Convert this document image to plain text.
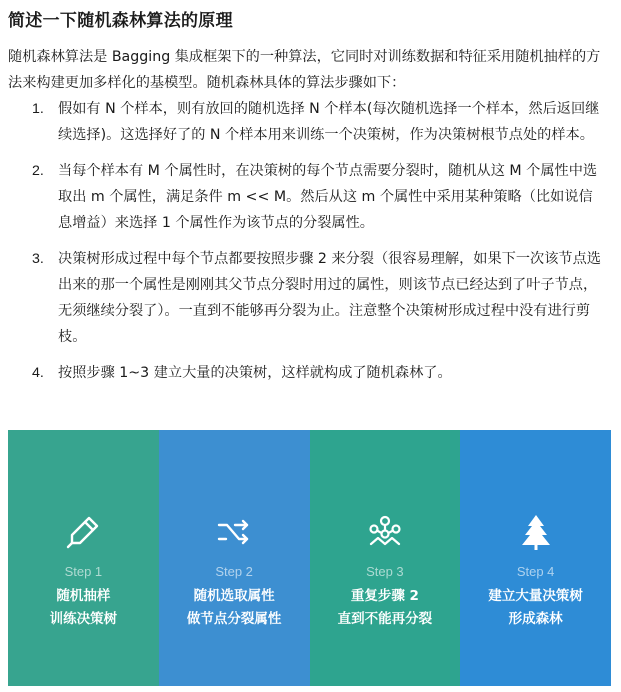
简述一下随机森林算法的原理

随机森林算法是 Bagging 集成框架下的一种算法，它同时对训练数据和特征采用随机抽样的方法来构建更加多样化的基模型。随机森林具体的算法步骤如下：

1. 假如有 N 个样本，则有放回的随机选择 N 个样本(每次随机选择一个样本，然后返回继续选择)。这选择好了的 N 个样本用来训练一个决策树，作为决策树根节点处的样本。
2. 当每个样本有 M 个属性时，在决策树的每个节点需要分裂时，随机从这 M 个属性中选取出 m 个属性，满足条件 m << M。然后从这 m 个属性中采用某种策略（比如说信息增益）来选择 1 个属性作为该节点的分裂属性。
3. 决策树形成过程中每个节点都要按照步骤 2 来分裂（很容易理解，如果下一次该节点选出来的那一个属性是刚刚其父节点分裂时用过的属性，则该节点已经达到了叶子节点，无须继续分裂了）。一直到不能够再分裂为止。注意整个决策树形成过程中没有进行剪枝。
4. 按照步骤 1~3 建立大量的决策树，这样就构成了随机森林了。
Step 1
随机抽样
训练决策树
Step 2
随机选取属性
做节点分裂属性
Step 3
重复步骤 2
直到不能再分裂
Step 4
建立大量决策树
形成森林
